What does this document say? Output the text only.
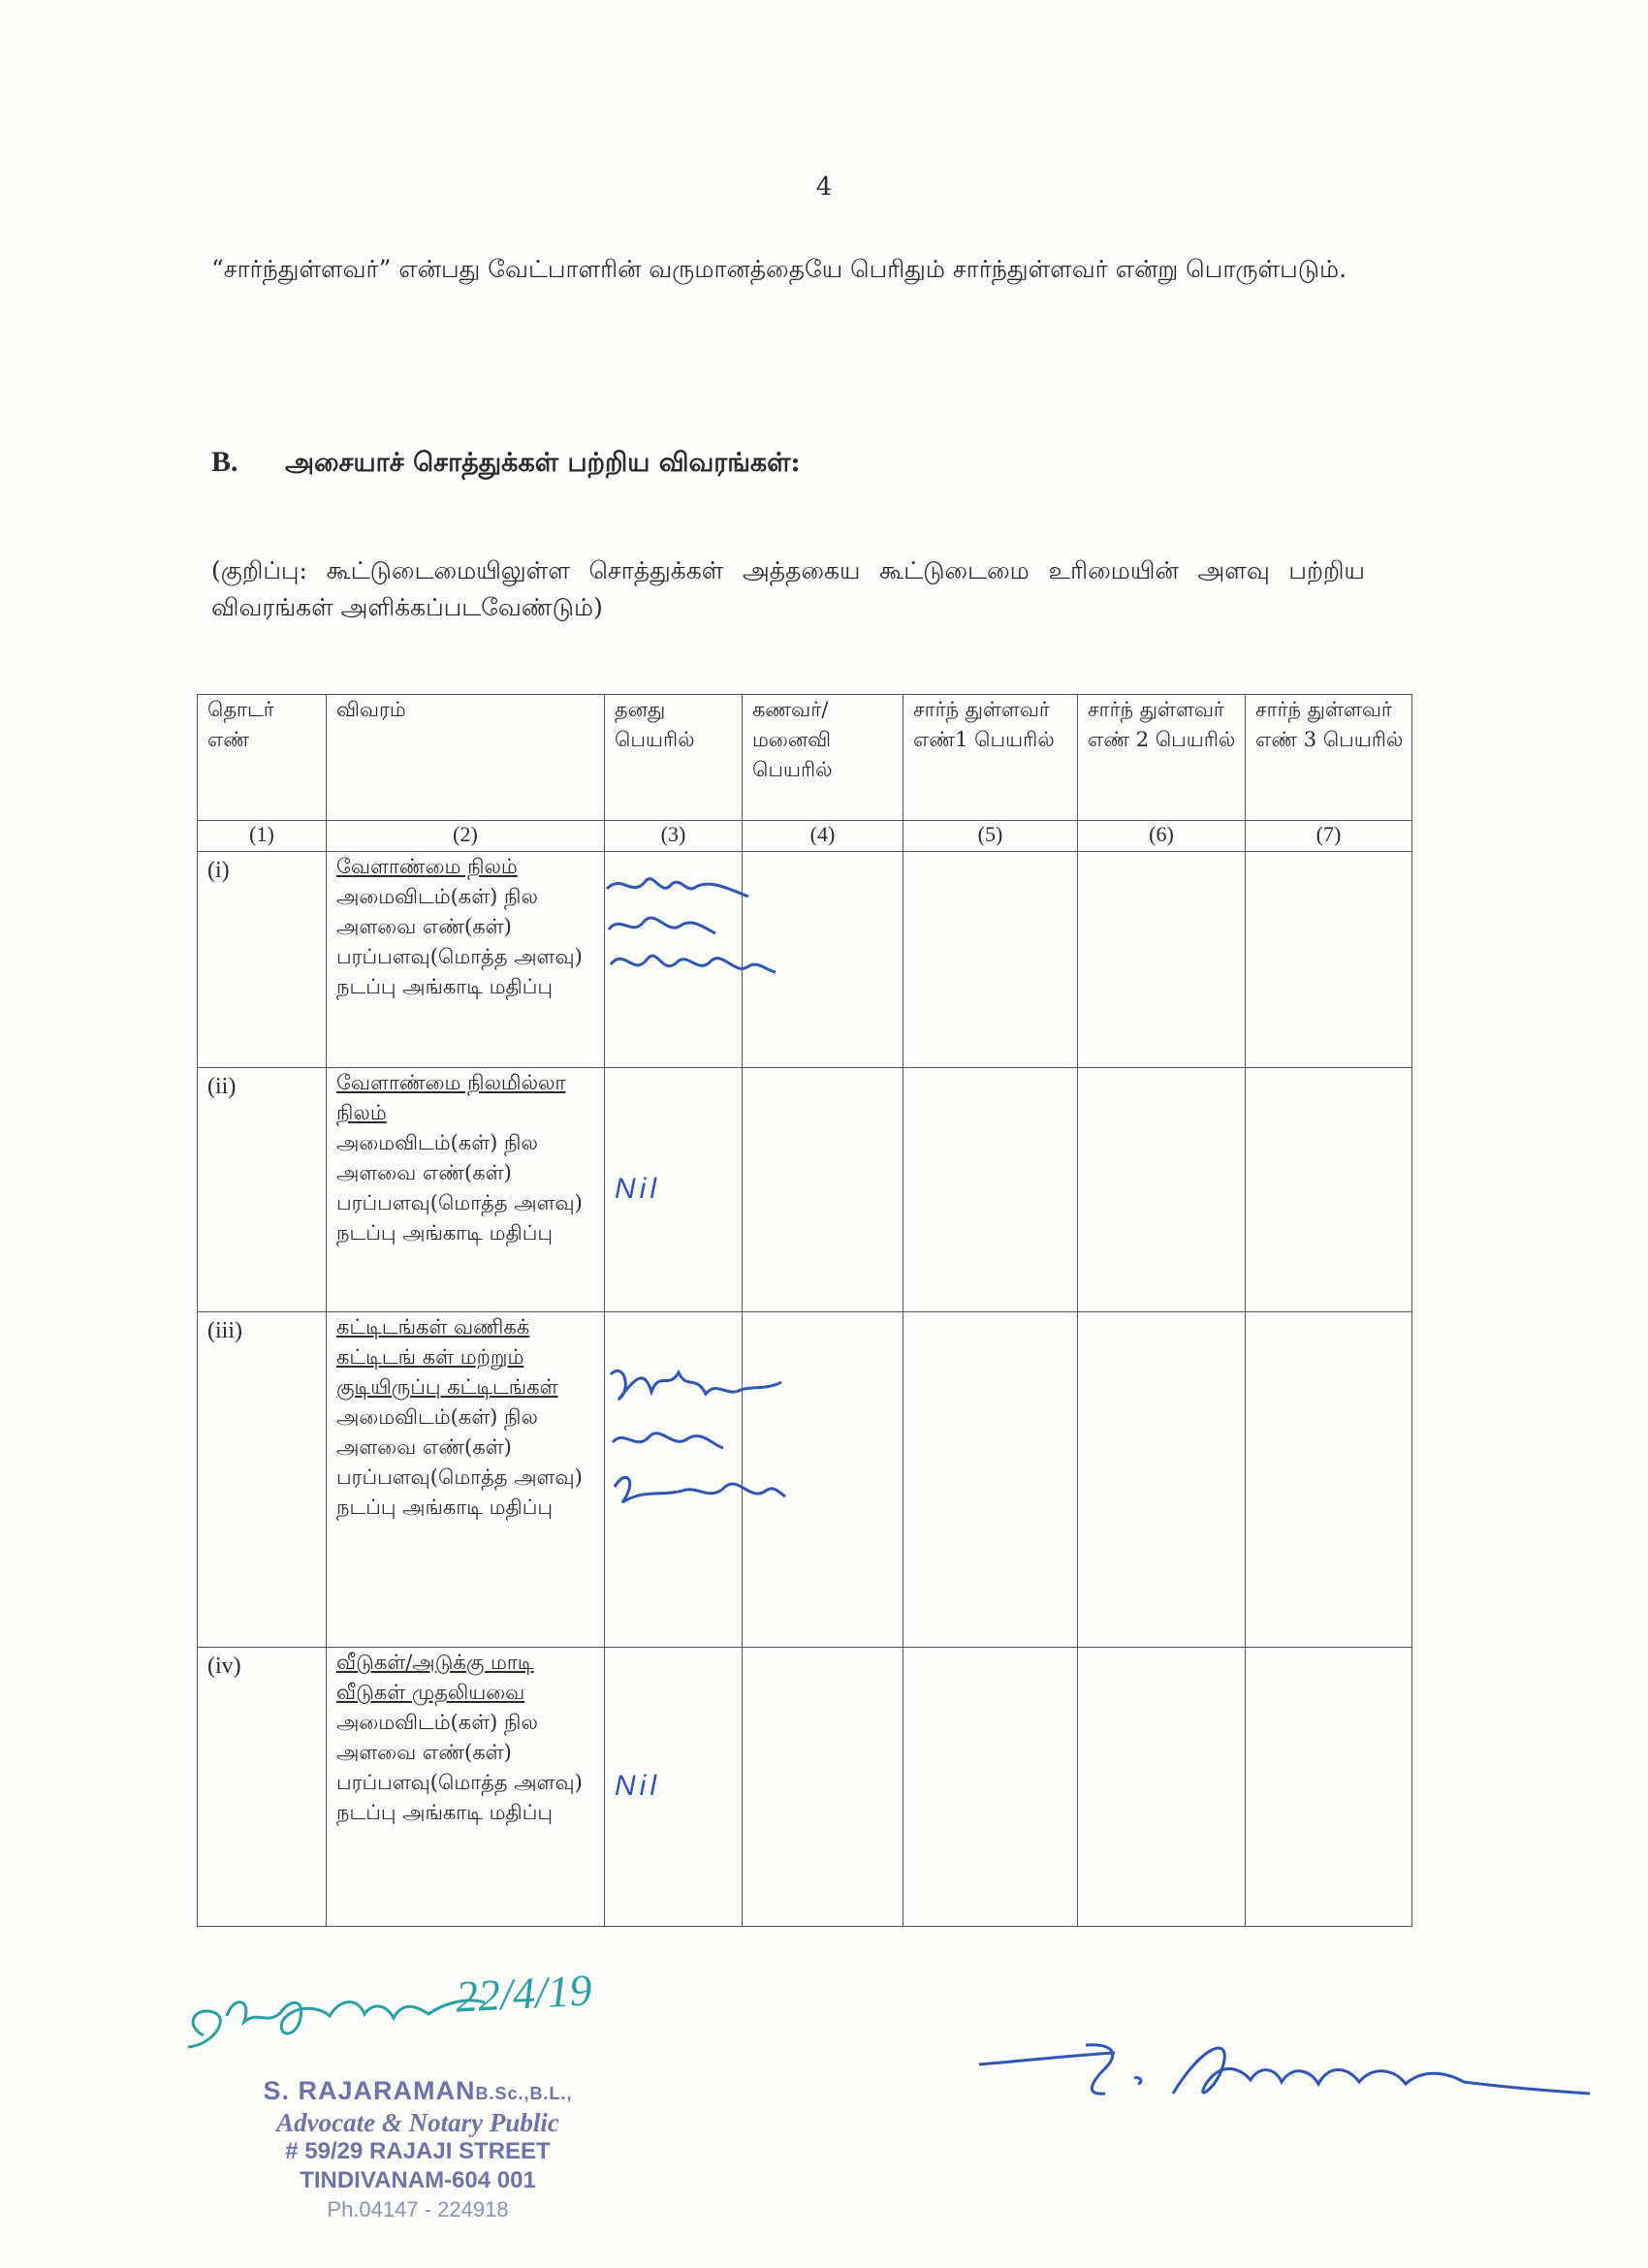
4
“சார்ந்துள்ளவர்” என்பது வேட்பாளரின் வருமானத்தையே பெரிதும் சார்ந்துள்ளவர் என்று பொருள்படும்.
B. அசையாச் சொத்துக்கள் பற்றிய விவரங்கள்:
(குறிப்பு: கூட்டுடைமையிலுள்ள சொத்துக்கள் அத்தகைய கூட்டுடைமை உரிமையின் அளவு பற்றிய விவரங்கள் அளிக்கப்படவேண்டும்)
தொடர் எண்	விவரம்	தனது பெயரில்	கணவர்/ மனைவி பெயரில்	சார்ந் துள்ளவர் எண்1 பெயரில்	சார்ந் துள்ளவர் எண் 2 பெயரில்	சார்ந் துள்ளவர் எண் 3 பெயரில்
(1)	(2)	(3)	(4)	(5)	(6)	(7)
(i)	வேளாண்மை நிலம்
அமைவிடம்(கள்) நில அளவை எண்(கள்) பரப்பளவு(மொத்த அளவு) நடப்பு அங்காடி மதிப்பு	

(ii)	வேளாண்மை நிலமில்லா நிலம்
அமைவிடம்(கள்) நில அளவை எண்(கள்) பரப்பளவு(மொத்த அளவு) நடப்பு அங்காடி மதிப்பு	Nil				
(iii)	கட்டிடங்கள் வணிகக் கட்டிடங் கள் மற்றும் குடியிருப்பு கட்டிடங்கள்
அமைவிடம்(கள்) நில அளவை எண்(கள்) பரப்பளவு(மொத்த அளவு) நடப்பு அங்காடி மதிப்பு	

(iv)	வீடுகள்/அடுக்கு மாடி வீடுகள் முதலியவை
அமைவிடம்(கள்) நில அளவை எண்(கள்) பரப்பளவு(மொத்த அளவு) நடப்பு அங்காடி மதிப்பு	Nil				
22/4/19
S. RAJARAMANB.Sc.,B.L.,
Advocate & Notary Public
# 59/29 RAJAJI STREET
TINDIVANAM-604 001
Ph.04147 - 224918
